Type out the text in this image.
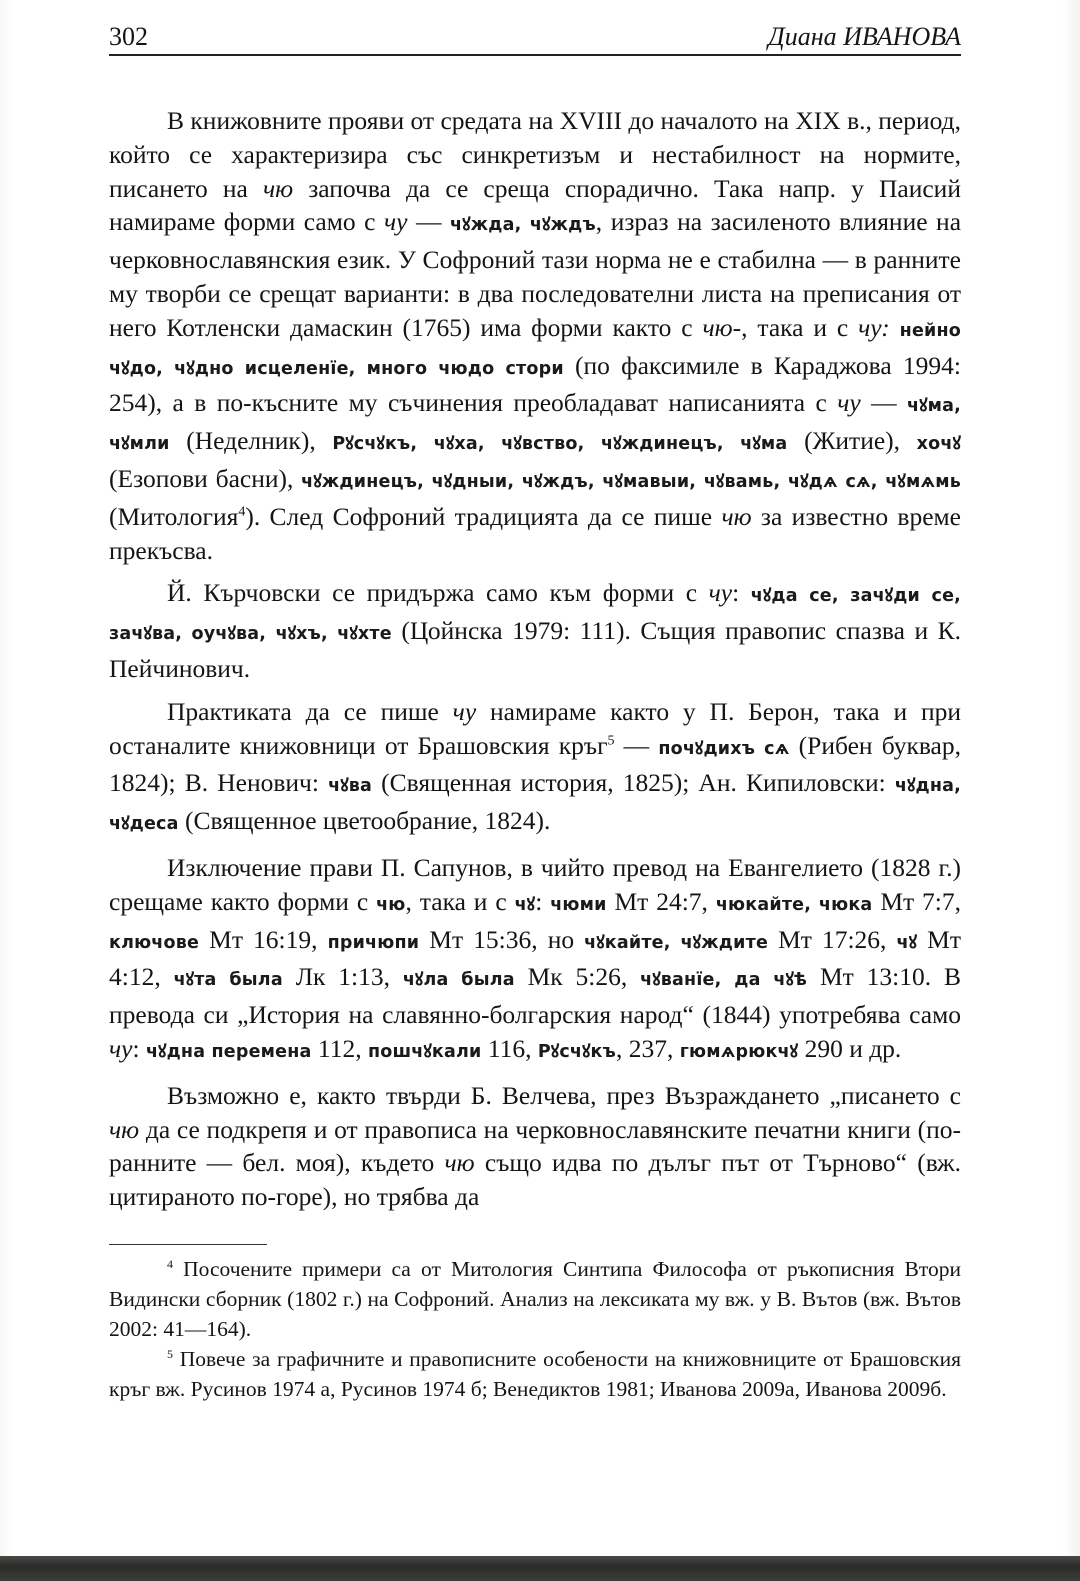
302	Диана ИВАНОВА

В книжовните прояви от средата на XVIII до началото на XIX в., период, който се характеризира със синкретизъм и нестабилност на нормите, писането на чю започва да се среща спорадично. Така напр. у Паисий намираме форми само с чу — чꙋжда, чꙋждъ, израз на засиленото влияние на черковнославянския език. У Софроний тази норма не е стабилна — в ранните му творби се срещат варианти: в два последователни листа на преписания от него Котленски дамаскин (1765) има форми както с чю-, така и с чу: нейно чꙋдо, чꙋдно исцеленїе, много чюдо стори (по факсимиле в Караджова 1994: 254), а в по-късните му съчинения преобладават написанията с чу — чꙋма, чꙋмли (Неделник), Рꙋсчꙋкъ, чꙋха, чꙋвство, чꙋждинецъ, чꙋма (Житие), хочꙋ (Езопови басни), чꙋждинецъ, чꙋдныи, чꙋждъ, чꙋмавыи, чꙋвамь, чꙋдѧ сѧ, чꙋмѧмь (Митология$^4$). След Софроний традицията да се пише чю за известно време прекъсва.

Й. Кърчовски се придържа само към форми с чу: чꙋда се, зачꙋди се, зачꙋва, оучꙋва, чꙋхъ, чꙋхте (Цойнска 1979: 111). Същия правопис спазва и К. Пейчинович.

Практиката да се пише чу намираме както у П. Берон, така и при останалите книжовници от Брашовския кръг$^5$ — почꙋдихъ сѧ (Рибен буквар, 1824); В. Ненович: чꙋва (Священная история, 1825); Ан. Кипиловски: чꙋдна, чꙋдеса (Священное цветообрание, 1824).

Изключение прави П. Сапунов, в чийто превод на Евангелието (1828 г.) срещаме както форми с чю, така и с чꙋ: чюми Мт 24:7, чюкайте, чюка Мт 7:7, ключове Мт 16:19, причюпи Мт 15:36, но чꙋкайте, чꙋждите Мт 17:26, чꙋ Мт 4:12, чꙋта была Лк 1:13, чꙋла была Мк 5:26, чꙋванїе, да чꙋѣ Мт 13:10. В превода си „История на славянно-болгарския народ“ (1844) употребява само чу: чꙋдна перемена 112, пошчꙋкали 116, Рꙋсчꙋкъ, 237, гюмѧрюкчꙋ 290 и др.

Възможно е, както твърди Б. Велчева, през Възраждането „писането с чю да се подкрепя и от правописа на черковнославянските печатни книги (по-ранните — бел. моя), където чю също идва по дълъг път от Търново“ (вж. цитираното по-горе), но трябва да

$^4$ Посочените примери са от Митология Синтипа Философа от ръкописния Втори Видински сборник (1802 г.) на Софроний. Анализ на лексиката му вж. у В. Вътов (вж. Вътов 2002: 41—164).

$^5$ Повече за графичните и правописните особености на книжовниците от Брашовския кръг вж. Русинов 1974 а, Русинов 1974 б; Венедиктов 1981; Иванова 2009а, Иванова 2009б.
